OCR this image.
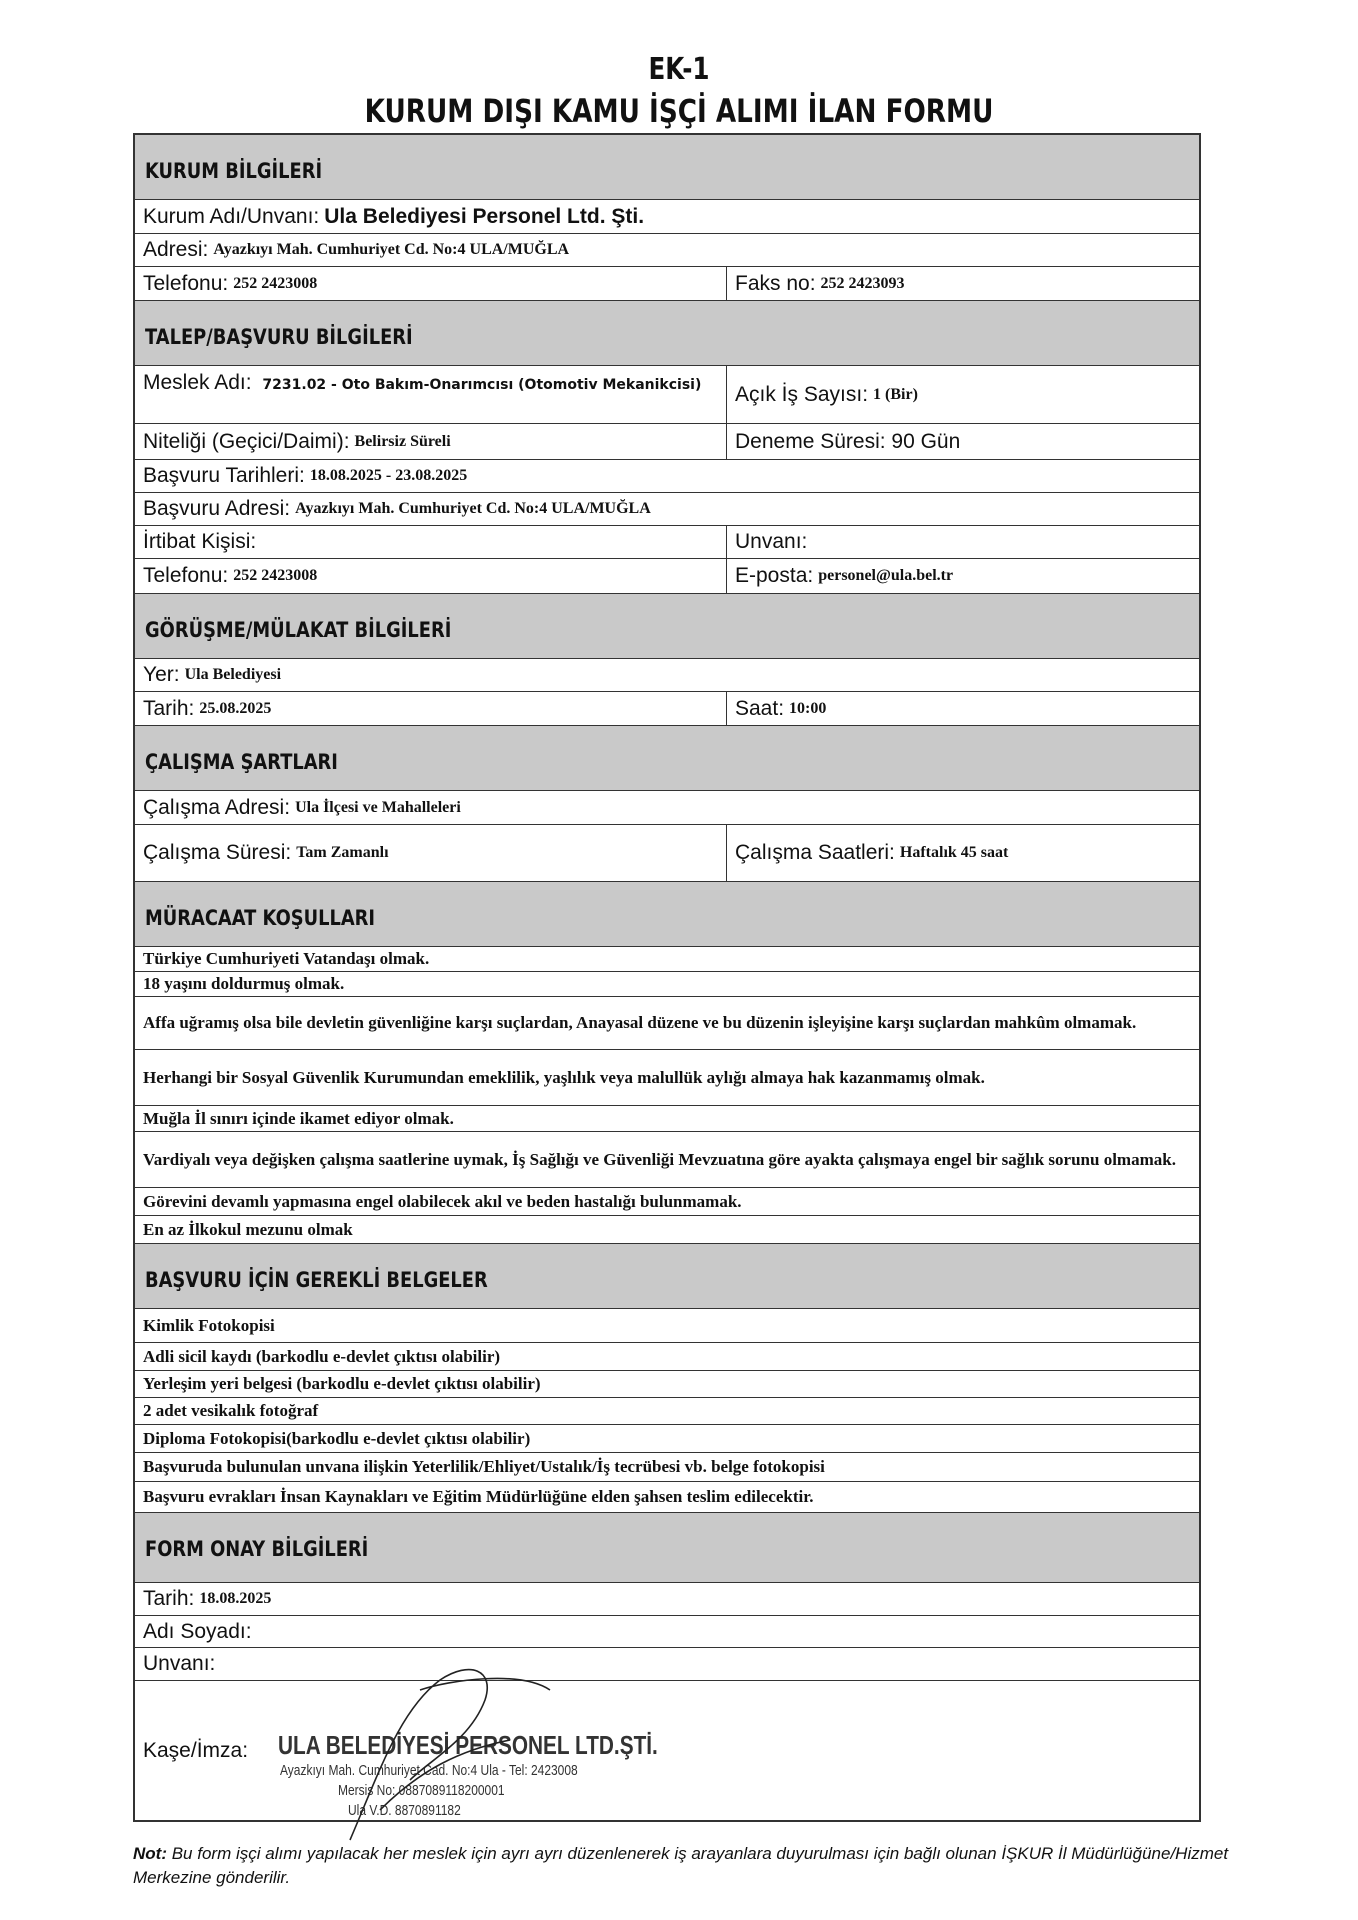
EK-1
KURUM DIŞI KAMU İŞÇİ ALIMI İLAN FORMU
KURUM BİLGİLERİ
Kurum Adı/Unvanı: Ula Belediyesi Personel Ltd. Şti.
Adresi: Ayazkıyı Mah. Cumhuriyet Cd. No:4 ULA/MUĞLA
Telefonu: 252 2423008	Faks no: 252 2423093
TALEP/BAŞVURU BİLGİLERİ
Meslek Adı: 7231.02 - Oto Bakım-Onarımcısı (Otomotiv Mekanikcisi)	Açık İş Sayısı: 1 (Bir)
Niteliği (Geçici/Daimi): Belirsiz Süreli	Deneme Süresi: 90 Gün
Başvuru Tarihleri: 18.08.2025 - 23.08.2025
Başvuru Adresi: Ayazkıyı Mah. Cumhuriyet Cd. No:4 ULA/MUĞLA
İrtibat Kişisi:	Unvanı:
Telefonu: 252 2423008	E-posta: personel@ula.bel.tr
GÖRÜŞME/MÜLAKAT BİLGİLERİ
Yer: Ula Belediyesi
Tarih: 25.08.2025	Saat: 10:00
ÇALIŞMA ŞARTLARI
Çalışma Adresi: Ula İlçesi ve Mahalleleri
Çalışma Süresi: Tam Zamanlı	Çalışma Saatleri: Haftalık 45 saat
MÜRACAAT KOŞULLARI
Türkiye Cumhuriyeti Vatandaşı olmak.
18 yaşını doldurmuş olmak.
Affa uğramış olsa bile devletin güvenliğine karşı suçlardan, Anayasal düzene ve bu düzenin işleyişine karşı suçlardan mahkûm olmamak.
Herhangi bir Sosyal Güvenlik Kurumundan emeklilik, yaşlılık veya malullük aylığı almaya hak kazanmamış olmak.
Muğla İl sınırı içinde ikamet ediyor olmak.
Vardiyalı veya değişken çalışma saatlerine uymak, İş Sağlığı ve Güvenliği Mevzuatına göre ayakta çalışmaya engel bir sağlık sorunu olmamak.
Görevini devamlı yapmasına engel olabilecek akıl ve beden hastalığı bulunmamak.
En az İlkokul mezunu olmak
BAŞVURU İÇİN GEREKLİ BELGELER
Kimlik Fotokopisi
Adli sicil kaydı (barkodlu e-devlet çıktısı olabilir)
Yerleşim yeri belgesi (barkodlu e-devlet çıktısı olabilir)
2 adet vesikalık fotoğraf
Diploma Fotokopisi(barkodlu e-devlet çıktısı olabilir)
Başvuruda bulunulan unvana ilişkin Yeterlilik/Ehliyet/Ustalık/İş tecrübesi vb. belge fotokopisi
Başvuru evrakları İnsan Kaynakları ve Eğitim Müdürlüğüne elden şahsen teslim edilecektir.
FORM ONAY BİLGİLERİ
Tarih: 18.08.2025
Adı Soyadı:
Unvanı:
Kaşe/İmza:	ULA BELEDİYESİ PERSONEL LTD.ŞTİ.
Ayazkıyı Mah. Cumhuriyet Cad. No:4 Ula - Tel: 2423008
Mersis No: 0887089118200001
Ula V.D. 8870891182
Not: Bu form işçi alımı yapılacak her meslek için ayrı ayrı düzenlenerek iş arayanlara duyurulması için bağlı olunan İŞKUR İl Müdürlüğüne/Hizmet Merkezine gönderilir.
